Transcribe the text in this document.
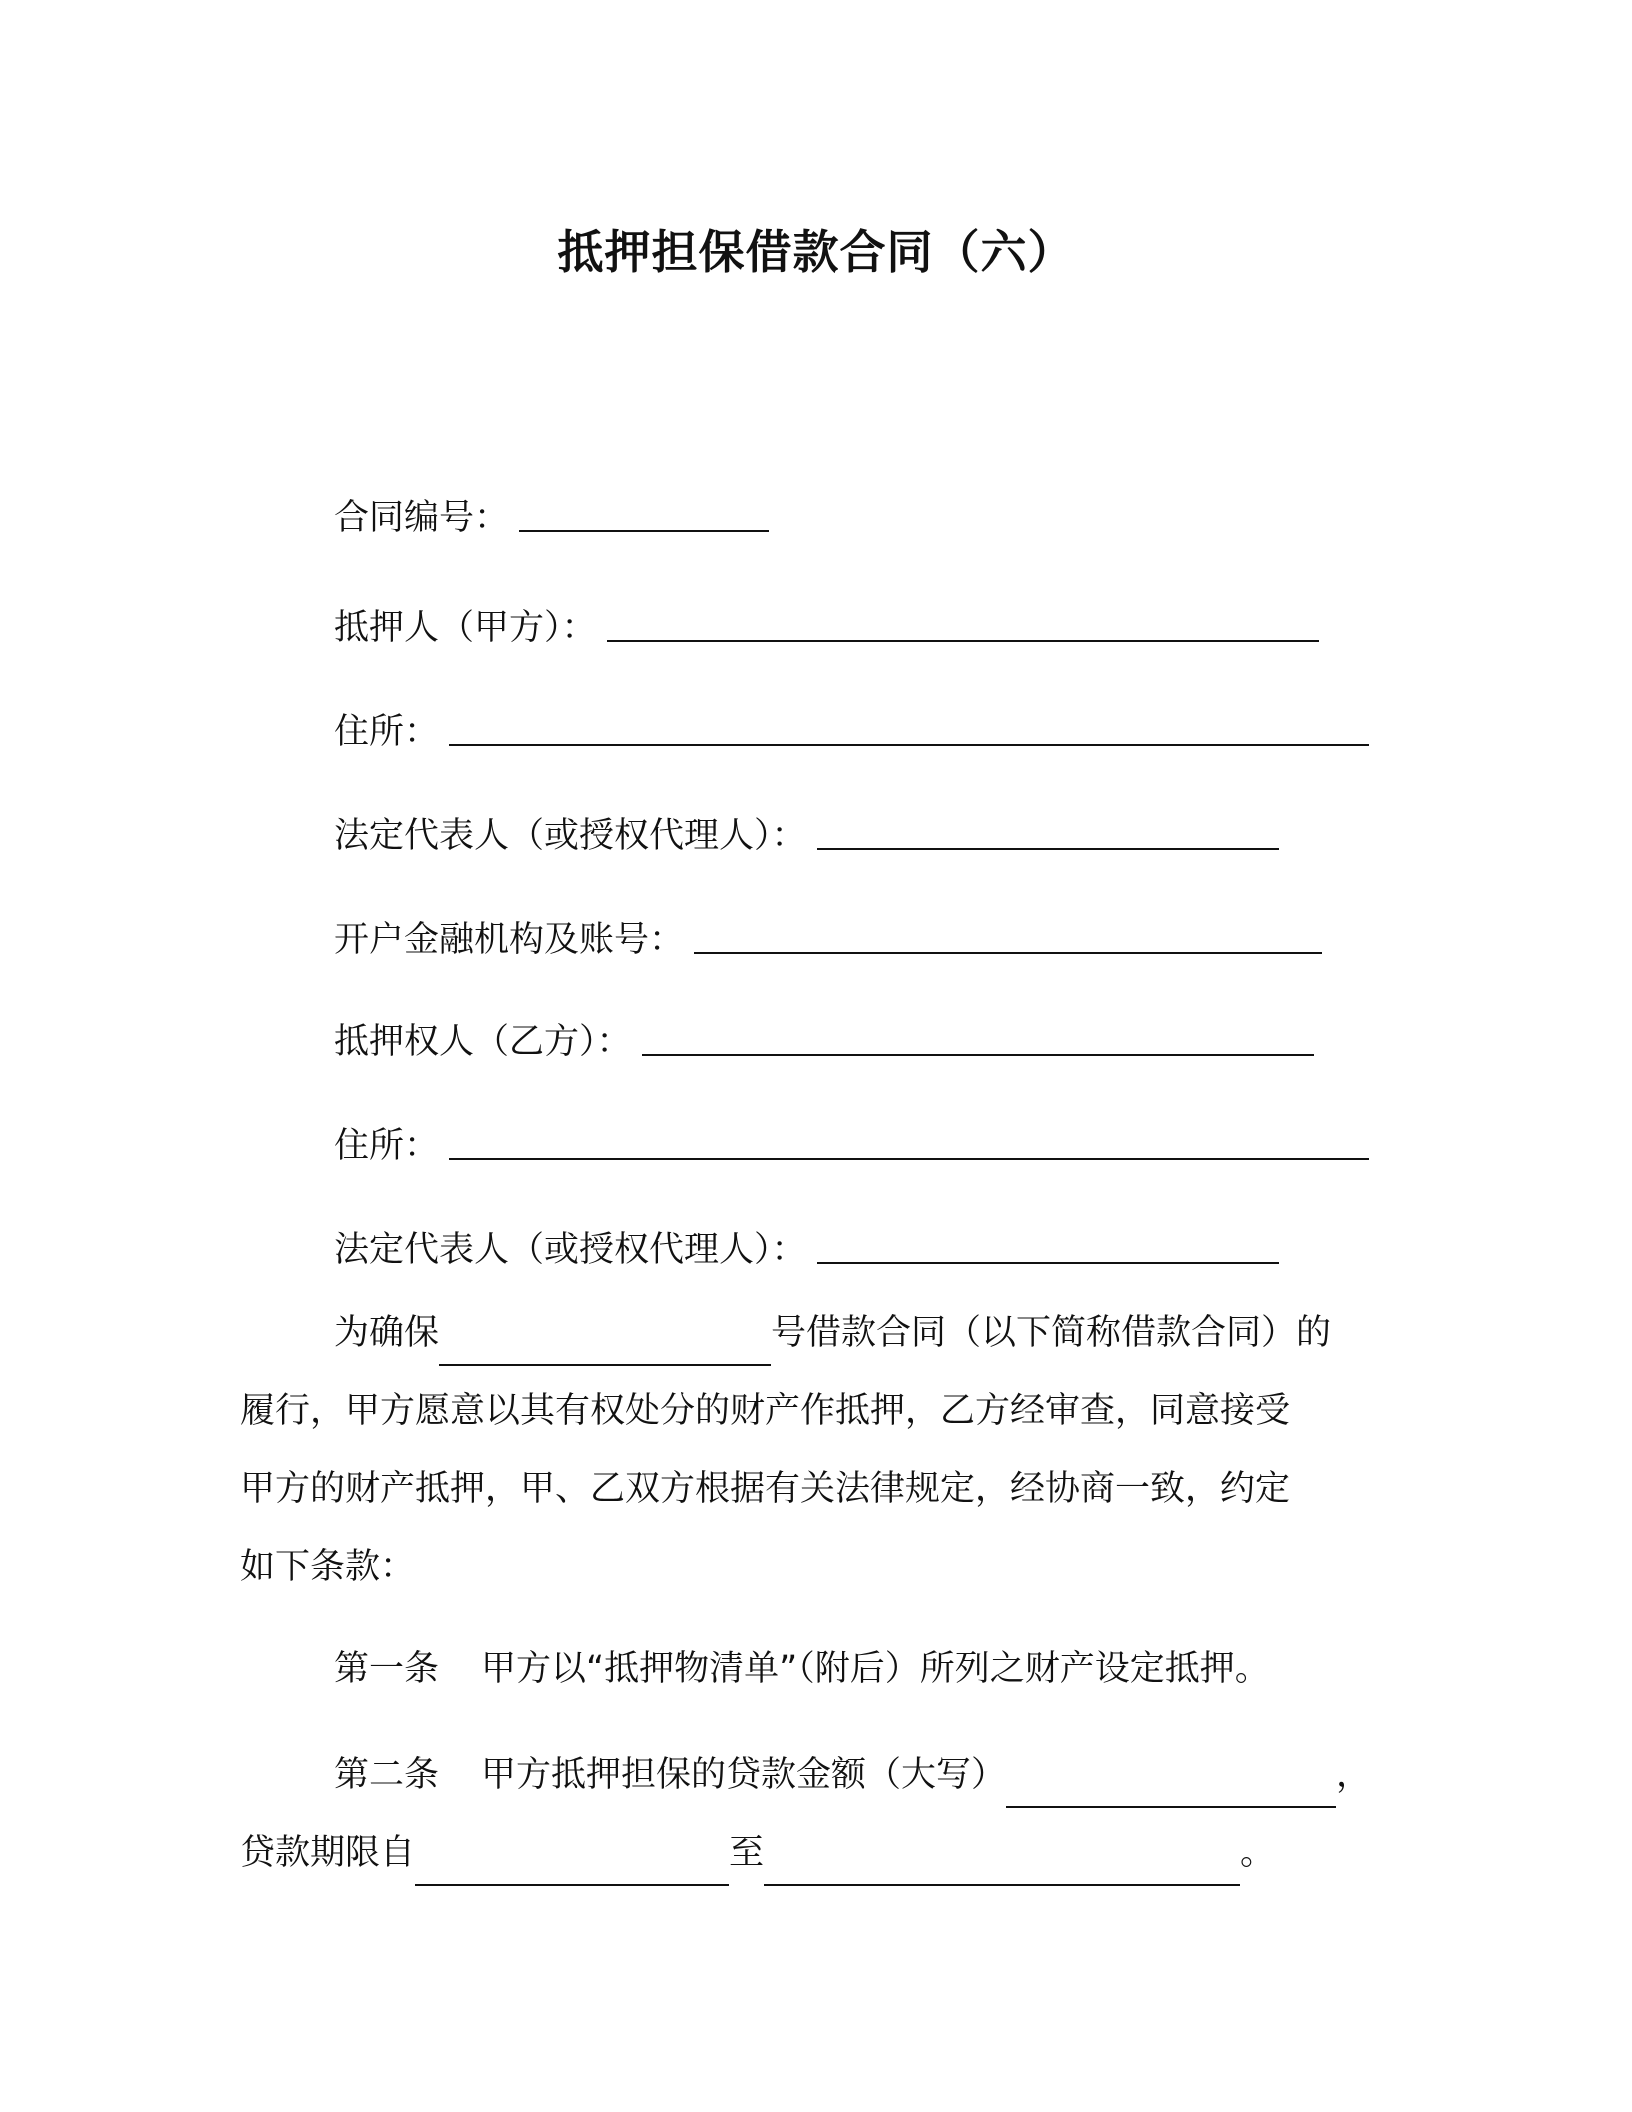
抵押担保借款合同（六）
合同编号：
抵押人（甲方）：
住所：
法定代表人（或授权代理人）：
开户金融机构及账号：
抵押权人（乙方）：
住所：
法定代表人（或授权代理人）：
为确保	号借款合同（以下简称借款合同）的
履行，甲方愿意以其有权处分的财产作抵押，乙方经审查，同意接受
甲方的财产抵押，甲、乙双方根据有关法律规定，经协商一致，约定
如下条款：
第一条 甲方以“抵押物清单”（附后）所列之财产设定抵押。
第二条 甲方抵押担保的贷款金额（大写）	，
贷款期限自	至	。
